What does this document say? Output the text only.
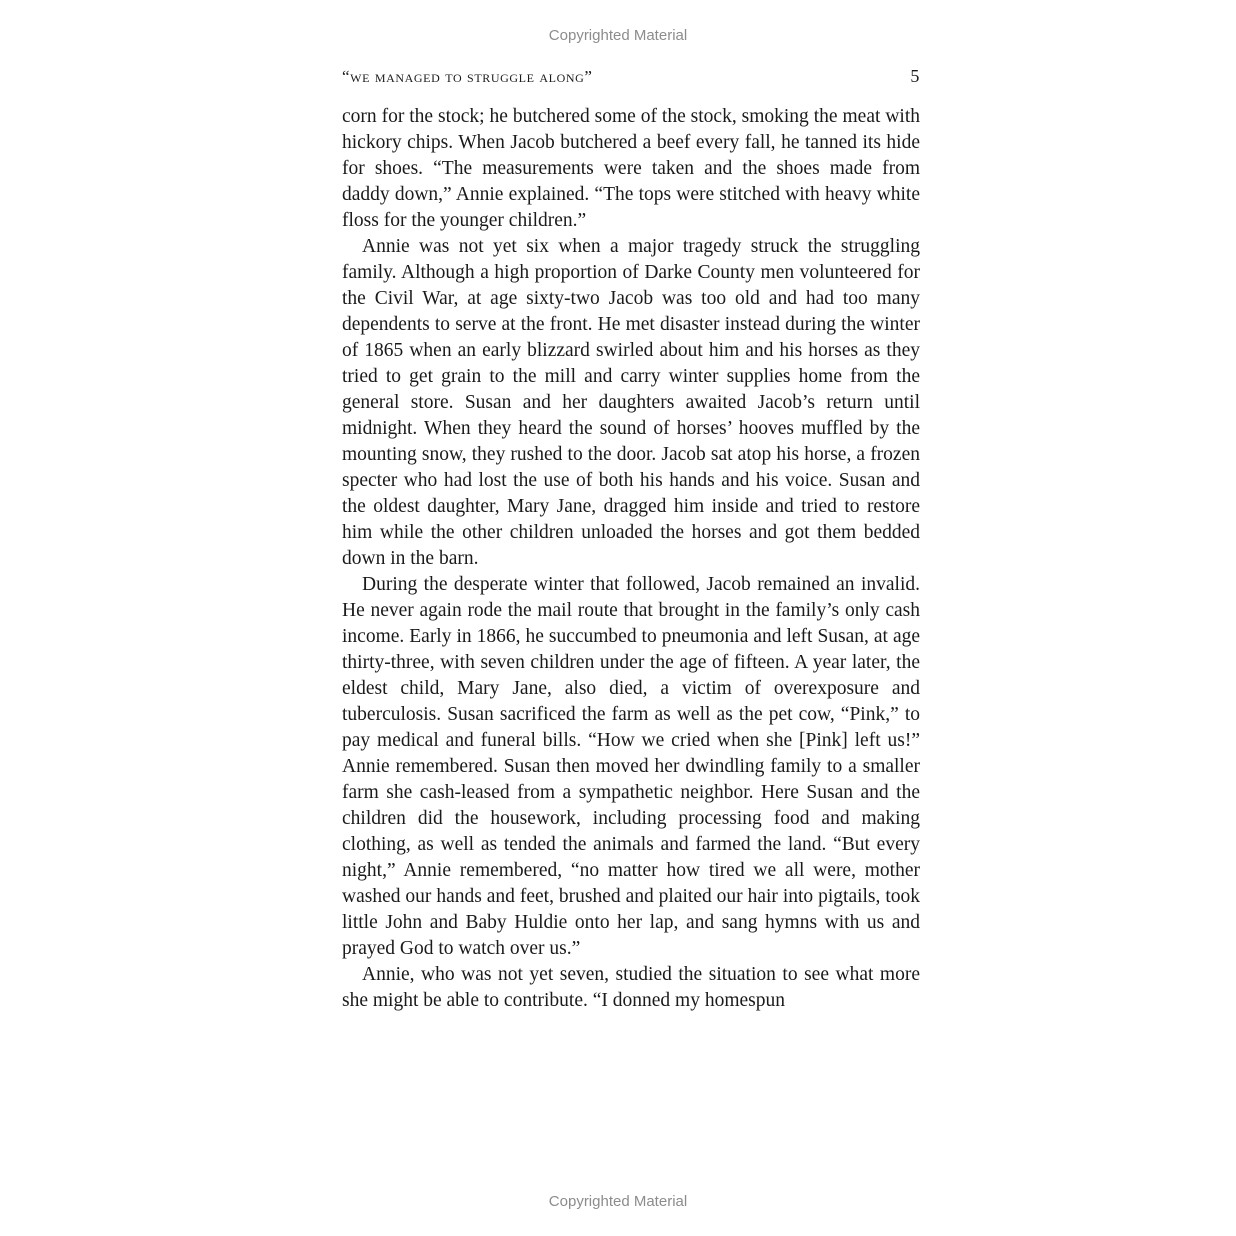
Copyrighted Material
“we managed to struggle along”	5

corn for the stock; he butchered some of the stock, smoking the meat with hickory chips. When Jacob butchered a beef every fall, he tanned its hide for shoes. “The measurements were taken and the shoes made from daddy down,” Annie explained. “The tops were stitched with heavy white floss for the younger children.”

Annie was not yet six when a major tragedy struck the struggling family. Although a high proportion of Darke County men volunteered for the Civil War, at age sixty-two Jacob was too old and had too many dependents to serve at the front. He met disaster instead during the winter of 1865 when an early blizzard swirled about him and his horses as they tried to get grain to the mill and carry winter supplies home from the general store. Susan and her daughters awaited Jacob’s return until midnight. When they heard the sound of horses’ hooves muffled by the mounting snow, they rushed to the door. Jacob sat atop his horse, a frozen specter who had lost the use of both his hands and his voice. Susan and the oldest daughter, Mary Jane, dragged him inside and tried to restore him while the other children unloaded the horses and got them bedded down in the barn.

During the desperate winter that followed, Jacob remained an invalid. He never again rode the mail route that brought in the family’s only cash income. Early in 1866, he succumbed to pneumonia and left Susan, at age thirty-three, with seven children under the age of fifteen. A year later, the eldest child, Mary Jane, also died, a victim of overexposure and tuberculosis. Susan sacrificed the farm as well as the pet cow, “Pink,” to pay medical and funeral bills. “How we cried when she [Pink] left us!” Annie remembered. Susan then moved her dwindling family to a smaller farm she cash-leased from a sympathetic neighbor. Here Susan and the children did the housework, including processing food and making clothing, as well as tended the animals and farmed the land. “But every night,” Annie remembered, “no matter how tired we all were, mother washed our hands and feet, brushed and plaited our hair into pigtails, took little John and Baby Huldie onto her lap, and sang hymns with us and prayed God to watch over us.”

Annie, who was not yet seven, studied the situation to see what more she might be able to contribute. “I donned my homespun

Copyrighted Material
